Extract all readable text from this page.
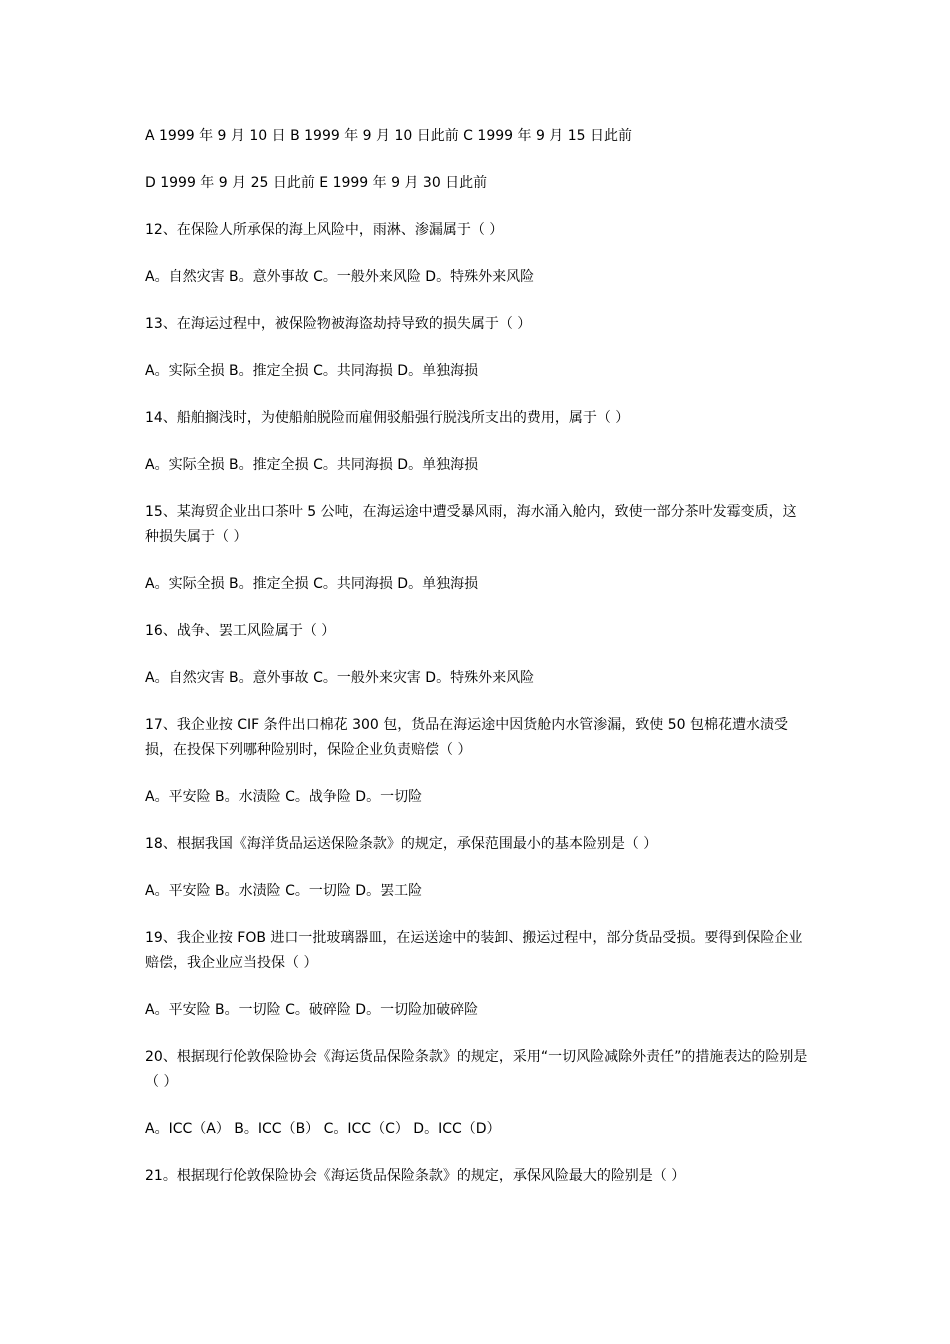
A 1999 年 9 月 10 日 B 1999 年 9 月 10 日此前 C 1999 年 9 月 15 日此前

D 1999 年 9 月 25 日此前 E 1999 年 9 月 30 日此前

12、在保险人所承保的海上风险中，雨淋、渗漏属于（ ）

A。自然灾害 B。意外事故 C。一般外来风险 D。特殊外来风险

13、在海运过程中，被保险物被海盗劫持导致的损失属于（ ）

A。实际全损 B。推定全损 C。共同海损 D。单独海损

14、船舶搁浅时，为使船舶脱险而雇佣驳船强行脱浅所支出的费用，属于（ ）

A。实际全损 B。推定全损 C。共同海损 D。单独海损

15、某海贸企业出口茶叶 5 公吨，在海运途中遭受暴风雨，海水涌入舱内，致使一部分茶叶发霉变质，这种损失属于（ ）

A。实际全损 B。推定全损 C。共同海损 D。单独海损

16、战争、罢工风险属于（ ）

A。自然灾害 B。意外事故 C。一般外来灾害 D。特殊外来风险

17、我企业按 CIF 条件出口棉花 300 包，货品在海运途中因货舱内水管渗漏，致使 50 包棉花遭水渍受损，在投保下列哪种险别时，保险企业负责赔偿（ ）

A。平安险 B。水渍险 C。战争险 D。一切险

18、根据我国《海洋货品运送保险条款》的规定，承保范围最小的基本险别是（ ）

A。平安险 B。水渍险 C。一切险 D。罢工险

19、我企业按 FOB 进口一批玻璃器皿，在运送途中的装卸、搬运过程中，部分货品受损。要得到保险企业赔偿，我企业应当投保（ ）

A。平安险 B。一切险 C。破碎险 D。一切险加破碎险

20、根据现行伦敦保险协会《海运货品保险条款》的规定，采用“一切风险减除外责任”的措施表达的险别是（ ）

A。ICC（A） B。ICC（B） C。ICC（C） D。ICC（D）

21。根据现行伦敦保险协会《海运货品保险条款》的规定，承保风险最大的险别是（ ）
